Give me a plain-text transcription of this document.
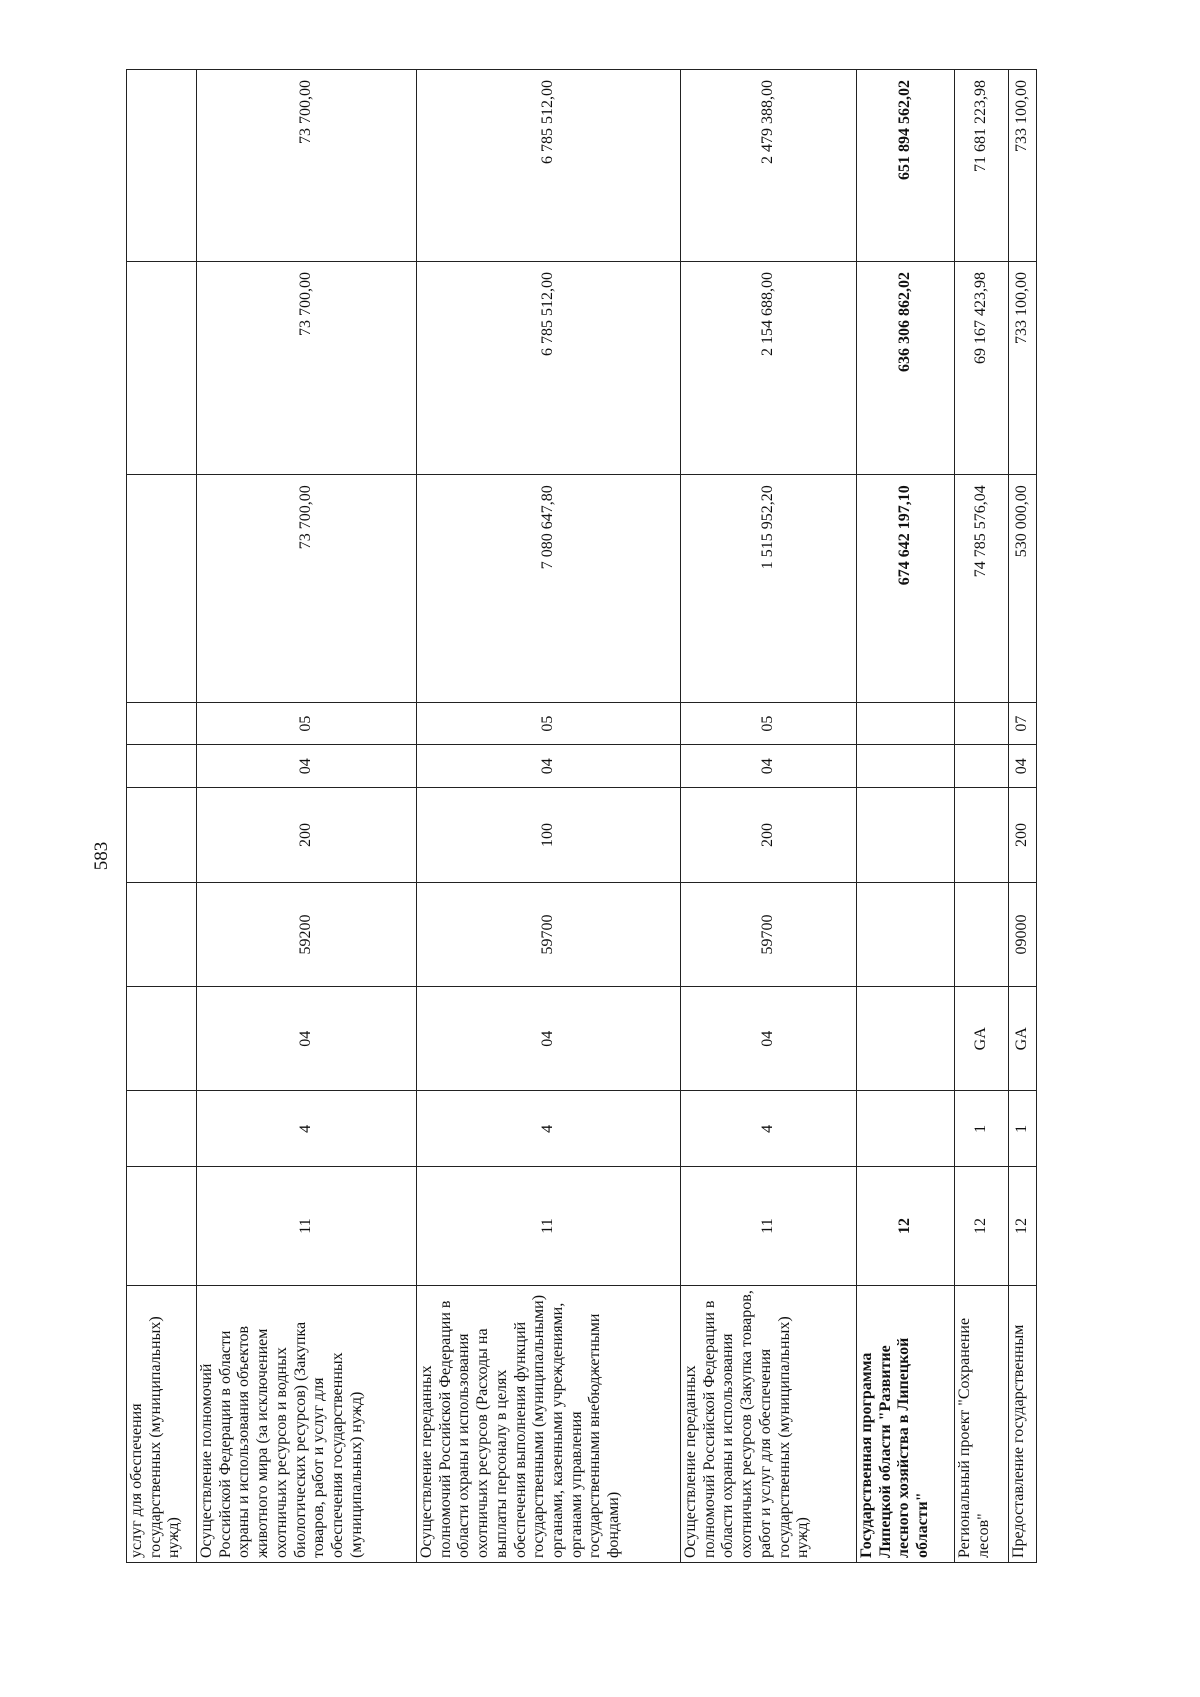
583
услуг для обеспечения государственных (муниципальных) нужд)										
Осуществление полномочий Российской Федерации в области охраны и использования объектов животного мира (за исключением охотничьих ресурсов и водных биологических ресурсов) (Закупка товаров, работ и услуг для обеспечения государственных (муниципальных) нужд)	11	4	04	59200	200	04	05	73 700,00	73 700,00	73 700,00
Осуществление переданных полномочий Российской Федерации в области охраны и использования охотничьих ресурсов (Расходы на выплаты персоналу в целях обеспечения выполнения функций государственными (муниципальными) органами, казенными учреждениями, органами управления государственными внебюджетными фондами)	11	4	04	59700	100	04	05	7 080 647,80	6 785 512,00	6 785 512,00
Осуществление переданных полномочий Российской Федерации в области охраны и использования охотничьих ресурсов (Закупка товаров, работ и услуг для обеспечения государственных (муниципальных) нужд)	11	4	04	59700	200	04	05	1 515 952,20	2 154 688,00	2 479 388,00
Государственная программа Липецкой области "Развитие лесного хозяйства в Липецкой области"	12							674 642 197,10	636 306 862,02	651 894 562,02
Региональный проект "Сохранение лесов"	12	1	GA					74 785 576,04	69 167 423,98	71 681 223,98
Предоставление государственным	12	1	GA	09000	200	04	07	530 000,00	733 100,00	733 100,00
